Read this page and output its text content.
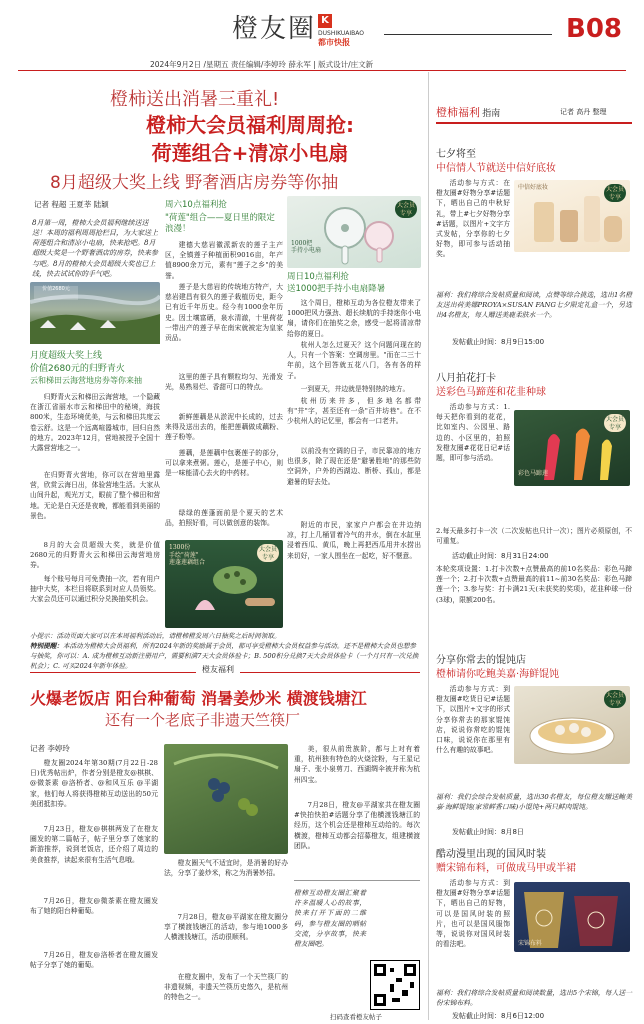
橙友圈 K
DUSHIKUAIBAO
都市快报	B08
2024年9月2日 /星期五 责任编辑/李婷玲 薛永军 | 版式设计/庄文新
橙柿送出消暑三重礼!
橙柿大会员福利周周抢:
荷莲组合+清凉小电扇
8月超级大奖上线 野奢酒店房券等你抽
记者 程超 王夏莘 陆颖
8月第一周，橙柿大会员福利继续送送送！本周的福利周周抢栏目，为大家送上荷莲组合和清凉小电扇，快来抢吧。8月超级大奖是一个野奢酒店的房券，快来参与吧。8月的橙柿大会员超级大奖也已上线，快去试试你的手气吧。
价值2680元
月度超级大奖上线
价值2680元的归野青火
云和梯田云海营地房券等你来抽
归野青火云和梯田云海营地，一个隐藏在浙江省丽水市云和梯田中的秘境，海拔800米，生态环境优美，与云和梯田共度云卷云舒。这是一个远离喧嚣城市，回归自然的地方。2023年12月，营地被授予全国十大露营营地之一。
在归野青火营地，你可以在营地里露营，欣赏云海日出，体验营地生活。大家从山间升起，观光万丈，眼前了整个梯田和营地。无论是白天还是夜晚，都能看到美丽的景色。
8月的大会员超级大奖，就是价值2680元的归野青火云和梯田云海营地房券。
每个账号每月可免费抽一次，若有用户抽中大奖，本栏目将联系到对应人员领奖。大家会员还可以通过积分兑换抽奖机会。
周六10点福利抢
"荷莲"组合——夏日里的限定浪漫！
建德大慈岩徽派新农的莲子主产区，全镇莲子种植面积9016亩，年产值8900余万元，素有"莲子之乡"的美誉。
莲子是大慈岩的传统地方特产，大慈岩建昌有很久的莲子栽植历史，距今已有近千年历史。经今有1000余年历史。因土壤富硒，泉水清澈，十里荷花一带出产的莲子早在南宋就被定为皇家贡品。
这里的莲子具有颗粒均匀、光滑发光，易熟易烂、香甜可口的特点。
新鲜莲藕是从淤泥中长成的，过去来得及送出去的，能把莲藕做成藕粉、莲子粉等。
莲藕，是莲藕中包裹莲子的部分，可以拿来煮粥。莲心，是莲子中心，则是一味能清心去火的中药材。
绿绿的莲蓬面前是个夏天的艺术品，拍照好看，可以做创意的装饰。
1000把
手持小电扇
大会员
专享
1300份
手绘"荷莲"
莲蓬莲藕组合
大会员
专享
周日10点福利抢
送1000把手持小电扇降暑
这个周日，橙柿互动为各位橙友带来了1000把风力强劲、超长续航的手持迷你小电扇，请你们在抽奖之余，感受一起将清凉带给你的夏日。
杭州人怎么过夏天？这个问题问现在的人，只有一个答案：空调房里。"而在二三十年前，这个回答就五花八门，各有各的样子。
一到夏天，井边就是特别热的地方。
杭州历来井多，但多地名都带有"井"字，甚至还有一条"百井坊巷"。在不少杭州人的记忆里，都会有一口老井。
以前没有空调的日子，市民靠凉的地方也很多，除了现在还是"避暑胜地"的那些防空洞外，户外的西湖边、断桥、孤山，都是避暑的好去处。
附近的市民，家家户户都会在井边纳凉，打上几桶冒着冷气的井水，倒在水缸里浸着西瓜、黄瓜，晚上再把西瓜用井水捞出来切好，一家人围坐在一起吃，好不惬意。
小提示：活动页面大家可以在本周福利活动后，请橙柿橙发周六日抽奖之后时间领取。
特别提醒：本活动为橙柿大会员福利，所有2024年新的奖励属于会员，都可享受橙柿大会员权益参与活动。还不是橙柿大会员也想参与抽奖，你可以：A. 成为橙柿互动新注册用户，需要积满7天大会员体验卡；B. 500积分兑换7天大会员体验卡（一个月只有一次兑换机会）；C. 可买2024年新年体验。	橙友福利
火爆老饭店 阳台种葡萄 消暑姜炒米 横渡钱塘江
还有一个老底子非遗天竺筷厂
记者 李婷玲
橙友圈2024年第30期(7月22日-28日)优秀帖出炉，作者分别是橙友@棋棋、@微茶素 @洛桥者、@和风互乐 @平湖家，他们每人将获得橙柿互动送出的50元美团抵扣券。
7月23日，橙友@棋棋两发了在橙友圈发的第二篇帖子，帖子里分享了她家的新游推荐，说到老饭店，还介绍了周边的美食推荐，读起来很有生活气息哦。
7月26日，橙友@微茶素在橙友圈发布了她的阳台种葡萄。
7月26日，橙友@洛桥者在橙友圈发帖子分享了她的葡萄。
橙友圈天气不适宜时，是消暑的好办法，分享了姜炒米，称之为消暑妙招。
7月28日，橙友@平湖家在橙友圈分享了横渡钱塘江的活动，参与地1000多人横渡钱塘江，活动很顺利。
在橙友圈中，发布了一个天竺筷厂的非遗视频，非遗天竺筷历史悠久，是杭州的特色之一。
美，很从前贵族阶，都与上对有着重，杭州独有特色的火烧淀粉，与王星记扇子、张小泉剪刀、西湖绸伞被并称为杭州四宝。
7月28日，橙友@平湖家共在橙友圈#快拍快拍#话题分享了他横渡钱塘江的经历，这个机会还是橙柿互动给的。每次横渡，橙柿互动都会招募橙友，组建横渡团队。
橙柿互动橙友圈汇聚着许多温暖人心的故事，快来打开下面的二维码，参与橙友圈的晒帖交流，分享故事，快来橙友圈吧。
扫码查看橙友帖子
橙柿福利 指南	记者 高丹 整理
七夕将至
中信情人节就送中信好底妆
活动参与方式：在橙友圈#好物分享#话题下，晒出自己的中秋好礼，带上#七夕好物分享#话题，以图片+文字方式发帖，分享你的七夕好物，即可参与活动抽奖。
中信好底妆	大会员
专享
福利：我们将综合发帖质量和阅读，点赞等综合挑选，选出1名橙友送出荷美娜PROYA×SUSAN FANG七夕限定礼盒一个，另选出4名橙友，每人赠送美鹿柔肤水一个。
发帖截止时间：8月9日15:00
八月拍花打卡
送彩色马蹄莲和花韭种球
活动参与方式：1.每天把你看到的花花，比如室内、公园里、路边的、小区里的，拍照发橙友圈#花花日记#话题，即可参与活动。
彩色马蹄莲
大会员
专享
2.每天最多打卡一次（二次发帖也只计一次）；图片必须原创，不可重复。
活动截止时间：8月31日24:00
本轮奖项设置：1.打卡次数+点赞最高的前10名奖品：彩色马蹄莲一个；2.打卡次数+点赞最高的前11~前30名奖品：彩色马蹄莲一个；3.参与奖：打卡满21天(未获奖的奖项)，花韭种球一份(3球)，限额200名。
分享你常去的馄饨店
橙柿请你吃鲍美嘉·海鲜馄饨
活动参与方式：到橙友圈#吃货日记#话题下，以图片+文字的形式分享你常去的那家馄饨店，说说你常吃的馄饨口味，说说你在那里有什么有趣的故事吧。
大会员
专享
福利：我们会综合发帖质量，选出30名橙友，每位橙友赠送鲍美嘉·海鲜馄饨(家常鲜香口味)小馄饨+两只鲜肉馄饨。
发帖截止时间：8月8日
酷动漫里出现的国风时装
赠宋锦布料，可做成马甲或半裙
活动参与方式：到橙友圈#好物分享#话题下，晒出自己的好物，可以是国风时装的照片，也可以是国风服饰等，说说你对国风时装的看法吧。	宋锦布料
福利：我们将综合发帖质量和阅读数量，选出5个宋锦，每人送一份宋锦布料。
发帖截止时间：8月6日12:00
